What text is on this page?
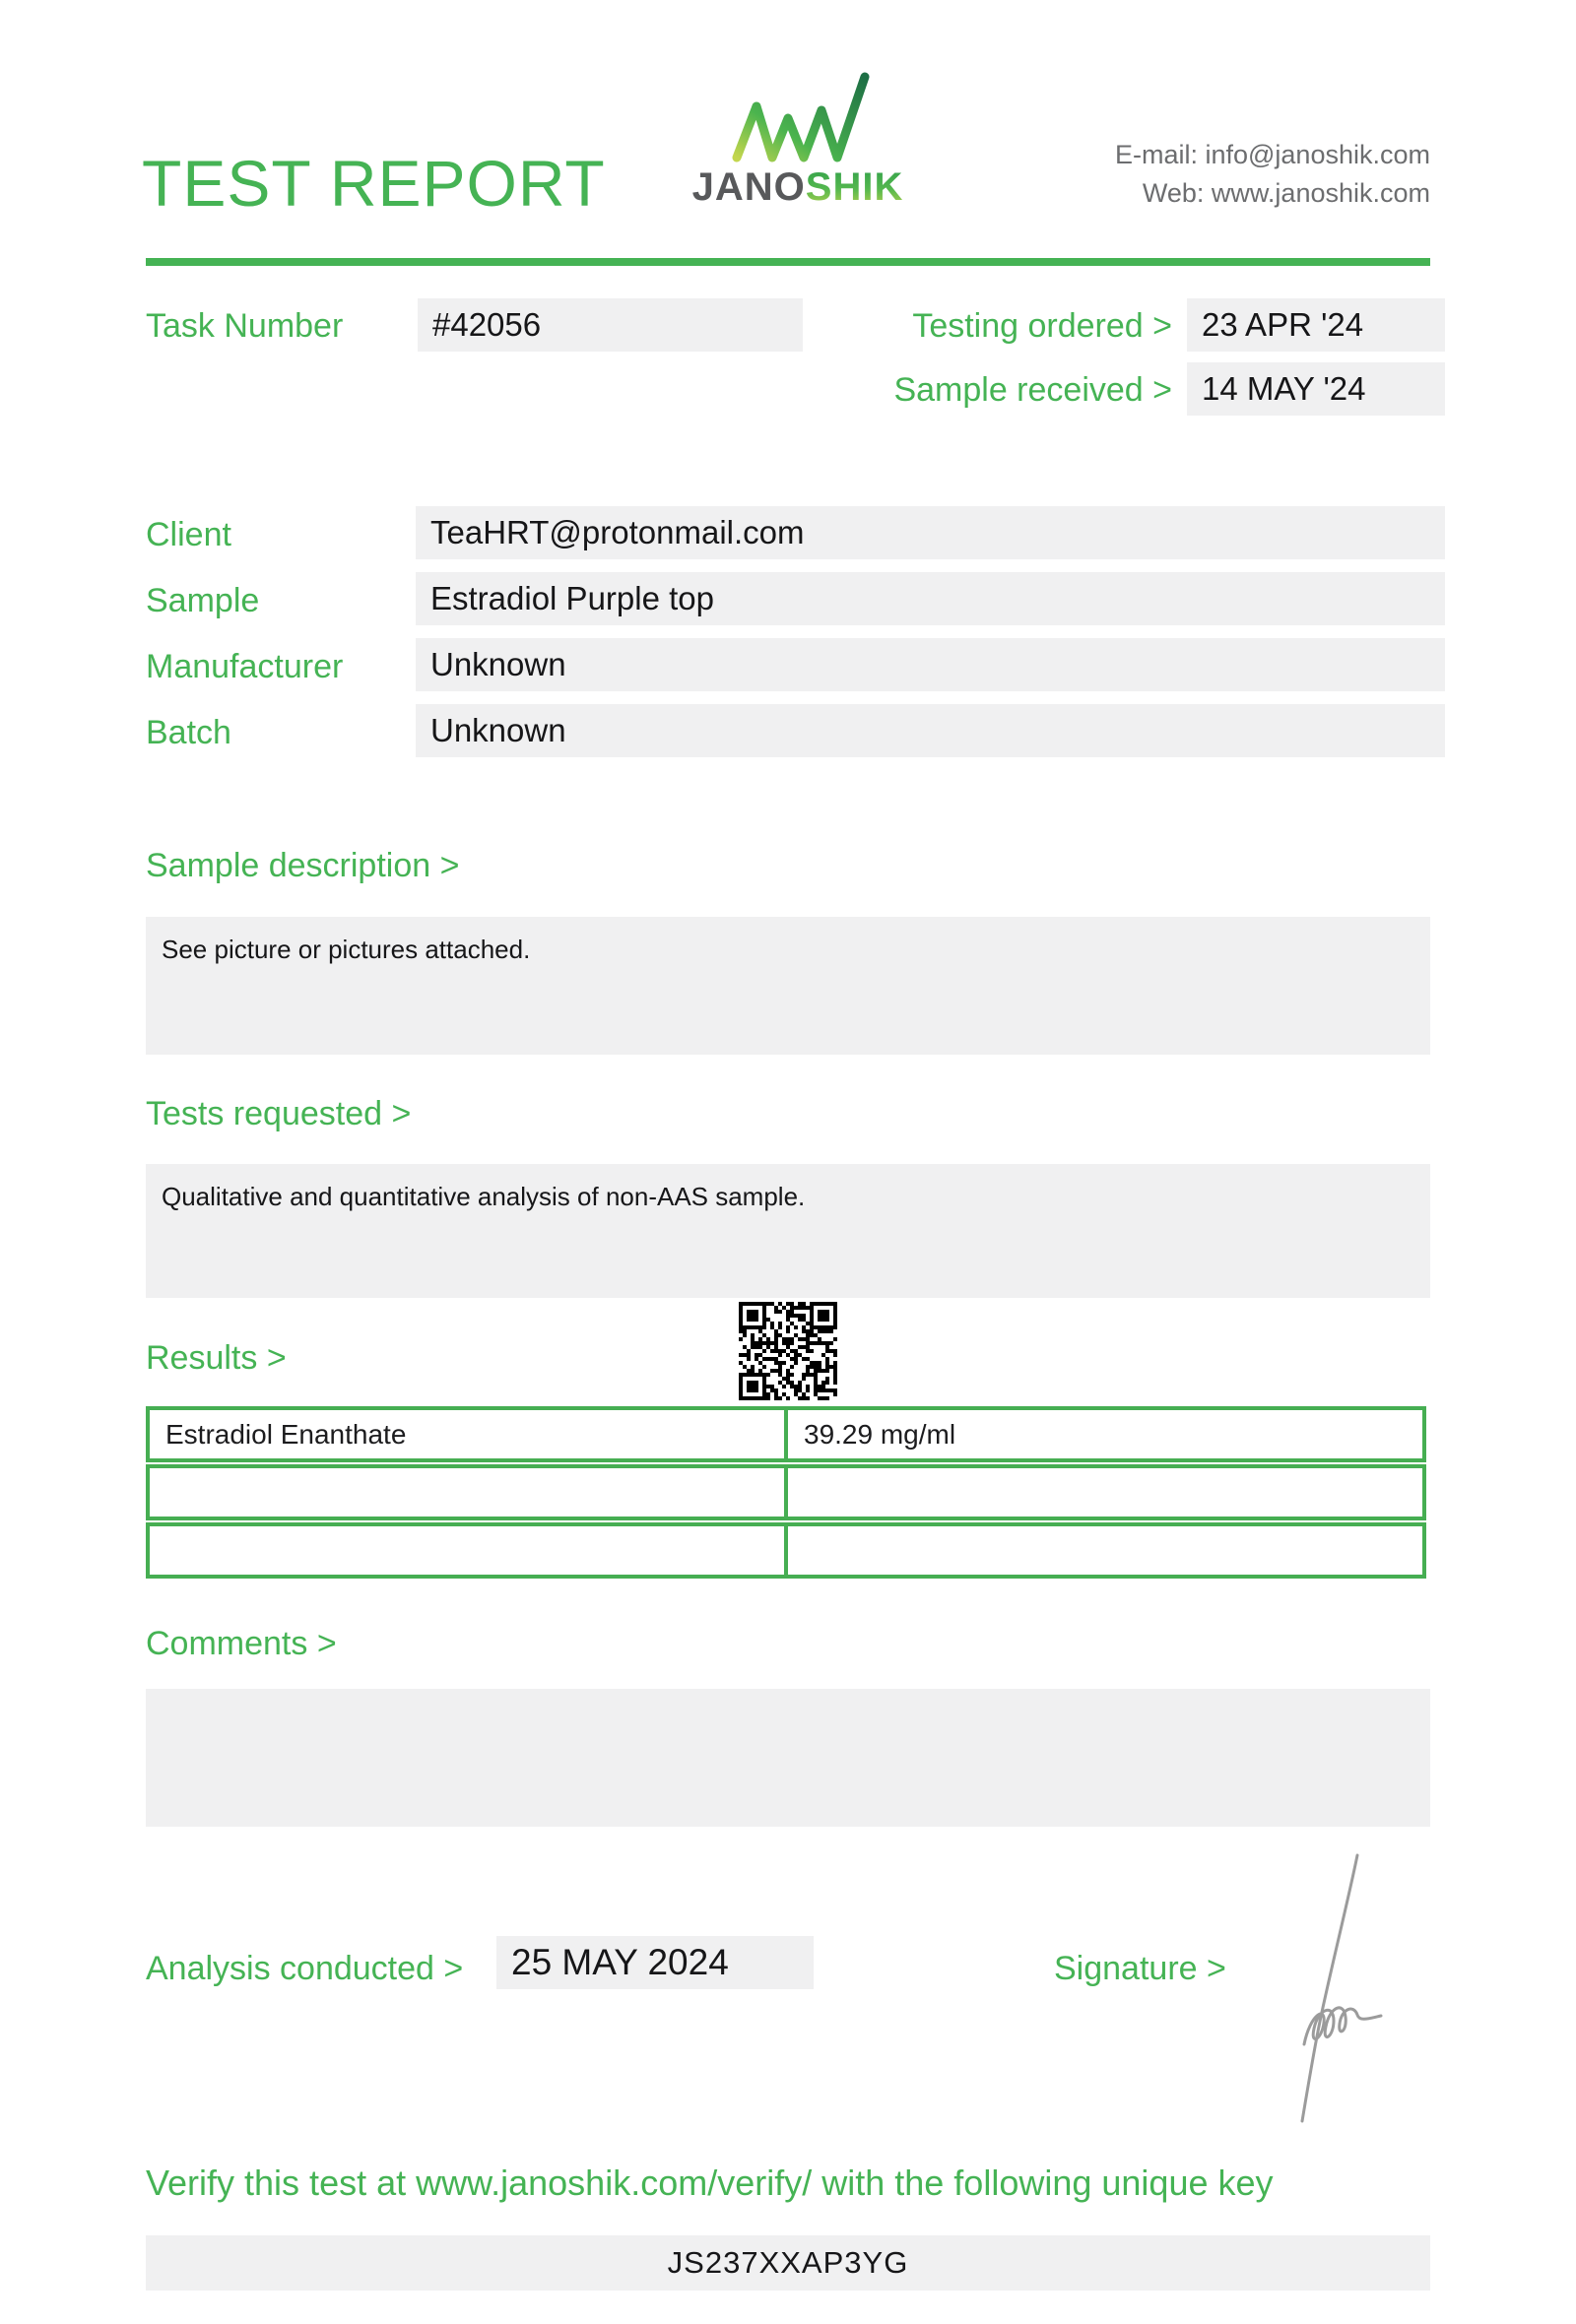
TEST REPORT	JANOSHIK
E-mail: info@janoshik.com
Web: www.janoshik.com
Task Number	#42056	Testing ordered > 23 APR '24
Sample received > 14 MAY '24
Client	TeaHRT@protonmail.com
Sample	Estradiol Purple top
Manufacturer	Unknown
Batch	Unknown
Sample description >
See picture or pictures attached.
Tests requested >
Qualitative and quantitative analysis of non-AAS sample.
Results >
Estradiol Enanthate	39.29 mg/ml
Comments >
Analysis conducted >	25 MAY 2024	Signature >
Verify this test at www.janoshik.com/verify/ with the following unique key
JS237XXAP3YG
